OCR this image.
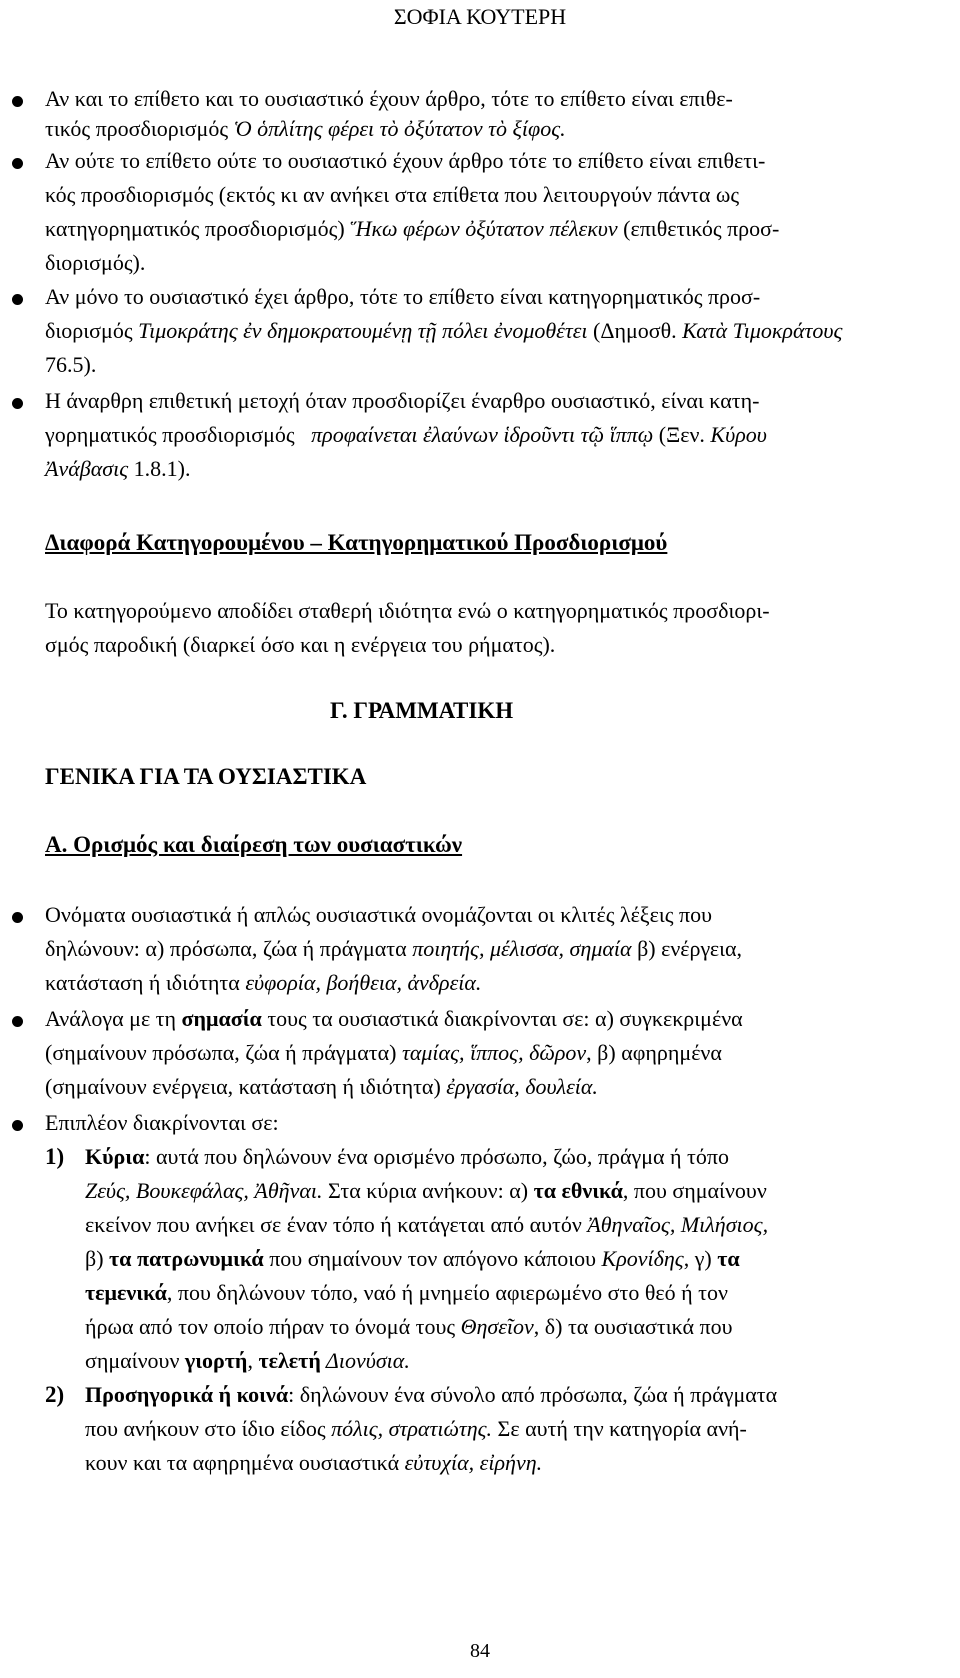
ΣΟΦΙΑ ΚΟΥΤΕΡΗ
Αν και το επίθετο και το ουσιαστικό έχουν άρθρο, τότε το επίθετο είναι επιθε-
τικός προσδιορισμός Ὁ ὁπλίτης φέρει τὸ ὀξύτατον τὸ ξίφος.
Αν ούτε το επίθετο ούτε το ουσιαστικό έχουν άρθρο τότε το επίθετο είναι επιθετι-
κός προσδιορισμός (εκτός κι αν ανήκει στα επίθετα που λειτουργούν πάντα ως
κατηγορηματικός προσδιορισμός) Ἥκω φέρων ὀξύτατον πέλεκυν (επιθετικός προσ-
διορισμός).
Αν μόνο το ουσιαστικό έχει άρθρο, τότε το επίθετο είναι κατηγορηματικός προσ-
διορισμός Τιμοκράτης ἐν δημοκρατουμένῃ τῇ πόλει ἐνομοθέτει (Δημοσθ. Κατὰ Τιμοκράτους
76.5).
Η άναρθρη επιθετική μετοχή όταν προσδιορίζει έναρθρο ουσιαστικό, είναι κατη-
γορηματικός προσδιορισμός   προφαίνεται ἐλαύνων ἱδροῦντι τῷ ἵππῳ (Ξεν. Κύρου
Ἀνάβασις 1.8.1).
Διαφορά Κατηγορουμένου – Κατηγορηματικού Προσδιορισμού
Το κατηγορούμενο αποδίδει σταθερή ιδιότητα ενώ ο κατηγορηματικός προσδιορι-
σμός παροδική (διαρκεί όσο και η ενέργεια του ρήματος).
Γ. ΓΡΑΜΜΑΤΙΚΗ
ΓΕΝΙΚΑ ΓΙΑ ΤΑ ΟΥΣΙΑΣΤΙΚΑ
Α. Ορισμός και διαίρεση των ουσιαστικών
Ονόματα ουσιαστικά ή απλώς ουσιαστικά ονομάζονται οι κλιτές λέξεις που
δηλώνουν: α) πρόσωπα, ζώα ή πράγματα ποιητής, μέλισσα, σημαία β) ενέργεια,
κατάσταση ή ιδιότητα εὐφορία, βοήθεια, ἀνδρεία.
Ανάλογα με τη σημασία τους τα ουσιαστικά διακρίνονται σε: α) συγκεκριμένα
(σημαίνουν πρόσωπα, ζώα ή πράγματα) ταμίας, ἵππος, δῶρον, β) αφηρημένα
(σημαίνουν ενέργεια, κατάσταση ή ιδιότητα) ἐργασία, δουλεία.
Επιπλέον διακρίνονται σε:
1) Κύρια: αυτά που δηλώνουν ένα ορισμένο πρόσωπο, ζώο, πράγμα ή τόπο
Ζεύς, Βουκεφάλας, Ἀθῆναι. Στα κύρια ανήκουν: α) τα εθνικά, που σημαίνουν
εκείνον που ανήκει σε έναν τόπο ή κατάγεται από αυτόν Ἀθηναῖος, Μιλήσιος,
β) τα πατρωνυμικά που σημαίνουν τον απόγονο κάποιου Κρονίδης, γ) τα
τεμενικά, που δηλώνουν τόπο, ναό ή μνημείο αφιερωμένο στο θεό ή τον
ήρωα από τον οποίο πήραν το όνομά τους Θησεῖον, δ) τα ουσιαστικά που
σημαίνουν γιορτή, τελετή Διονύσια.
2) Προσηγορικά ή κοινά: δηλώνουν ένα σύνολο από πρόσωπα, ζώα ή πράγματα
που ανήκουν στο ίδιο είδος πόλις, στρατιώτης. Σε αυτή την κατηγορία ανή-
κουν και τα αφηρημένα ουσιαστικά εὐτυχία, εἰρήνη.
84
